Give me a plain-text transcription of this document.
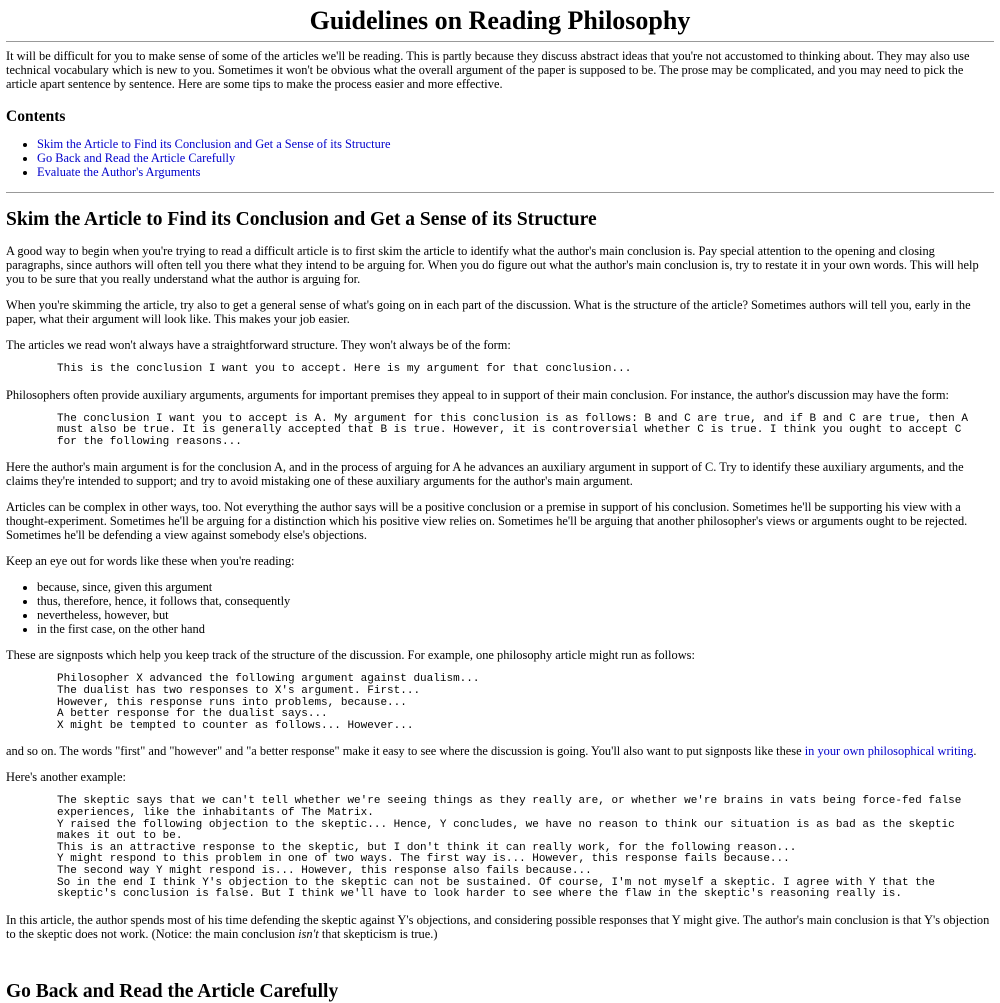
Guidelines on Reading Philosophy

It will be difficult for you to make sense of some of the articles we'll be reading. This is partly because they discuss abstract ideas that you're not accustomed to thinking about. They may also use technical vocabulary which is new to you. Sometimes it won't be obvious what the overall argument of the paper is supposed to be. The prose may be complicated, and you may need to pick the article apart sentence by sentence. Here are some tips to make the process easier and more effective.

Contents
• Skim the Article to Find its Conclusion and Get a Sense of its Structure
• Go Back and Read the Article Carefully
• Evaluate the Author's Arguments
Skim the Article to Find its Conclusion and Get a Sense of its Structure

A good way to begin when you're trying to read a difficult article is to first skim the article to identify what the author's main conclusion is. Pay special attention to the opening and closing paragraphs, since authors will often tell you there what they intend to be arguing for. When you do figure out what the author's main conclusion is, try to restate it in your own words. This will help you to be sure that you really understand what the author is arguing for.

When you're skimming the article, try also to get a general sense of what's going on in each part of the discussion. What is the structure of the article? Sometimes authors will tell you, early in the paper, what their argument will look like. This makes your job easier.

The articles we read won't always have a straightforward structure. They won't always be of the form:

This is the conclusion I want you to accept. Here is my argument for that conclusion...

Philosophers often provide auxiliary arguments, arguments for important premises they appeal to in support of their main conclusion. For instance, the author's discussion may have the form:

The conclusion I want you to accept is A. My argument for this conclusion is as follows: B and C are true, and if B and C are true, then A must also be true. It is generally accepted that B is true. However, it is controversial whether C is true. I think you ought to accept C for the following reasons...

Here the author's main argument is for the conclusion A, and in the process of arguing for A he advances an auxiliary argument in support of C. Try to identify these auxiliary arguments, and the claims they're intended to support; and try to avoid mistaking one of these auxiliary arguments for the author's main argument.

Articles can be complex in other ways, too. Not everything the author says will be a positive conclusion or a premise in support of his conclusion. Sometimes he'll be supporting his view with a thought-experiment. Sometimes he'll be arguing for a distinction which his positive view relies on. Sometimes he'll be arguing that another philosopher's views or arguments ought to be rejected. Sometimes he'll be defending a view against somebody else's objections.

Keep an eye out for words like these when you're reading:

• because, since, given this argument
• thus, therefore, hence, it follows that, consequently
• nevertheless, however, but
• in the first case, on the other hand

These are signposts which help you keep track of the structure of the discussion. For example, one philosophy article might run as follows:

Philosopher X advanced the following argument against dualism...
The dualist has two responses to X's argument. First...
However, this response runs into problems, because...
A better response for the dualist says...
X might be tempted to counter as follows... However...

and so on. The words "first" and "however" and "a better response" make it easy to see where the discussion is going. You'll also want to put signposts like these in your own philosophical writing.

Here's another example:

The skeptic says that we can't tell whether we're seeing things as they really are, or whether we're brains in vats being force-fed false experiences, like the inhabitants of The Matrix.
Y raised the following objection to the skeptic... Hence, Y concludes, we have no reason to think our situation is as bad as the skeptic makes it out to be.
This is an attractive response to the skeptic, but I don't think it can really work, for the following reason...
Y might respond to this problem in one of two ways. The first way is... However, this response fails because...
The second way Y might respond is... However, this response also fails because...
So in the end I think Y's objection to the skeptic can not be sustained. Of course, I'm not myself a skeptic. I agree with Y that the skeptic's conclusion is false. But I think we'll have to look harder to see where the flaw in the skeptic's reasoning really is.

In this article, the author spends most of his time defending the skeptic against Y's objections, and considering possible responses that Y might give. The author's main conclusion is that Y's objection to the skeptic does not work. (Notice: the main conclusion isn't that skepticism is true.)

Go Back and Read the Article Carefully
